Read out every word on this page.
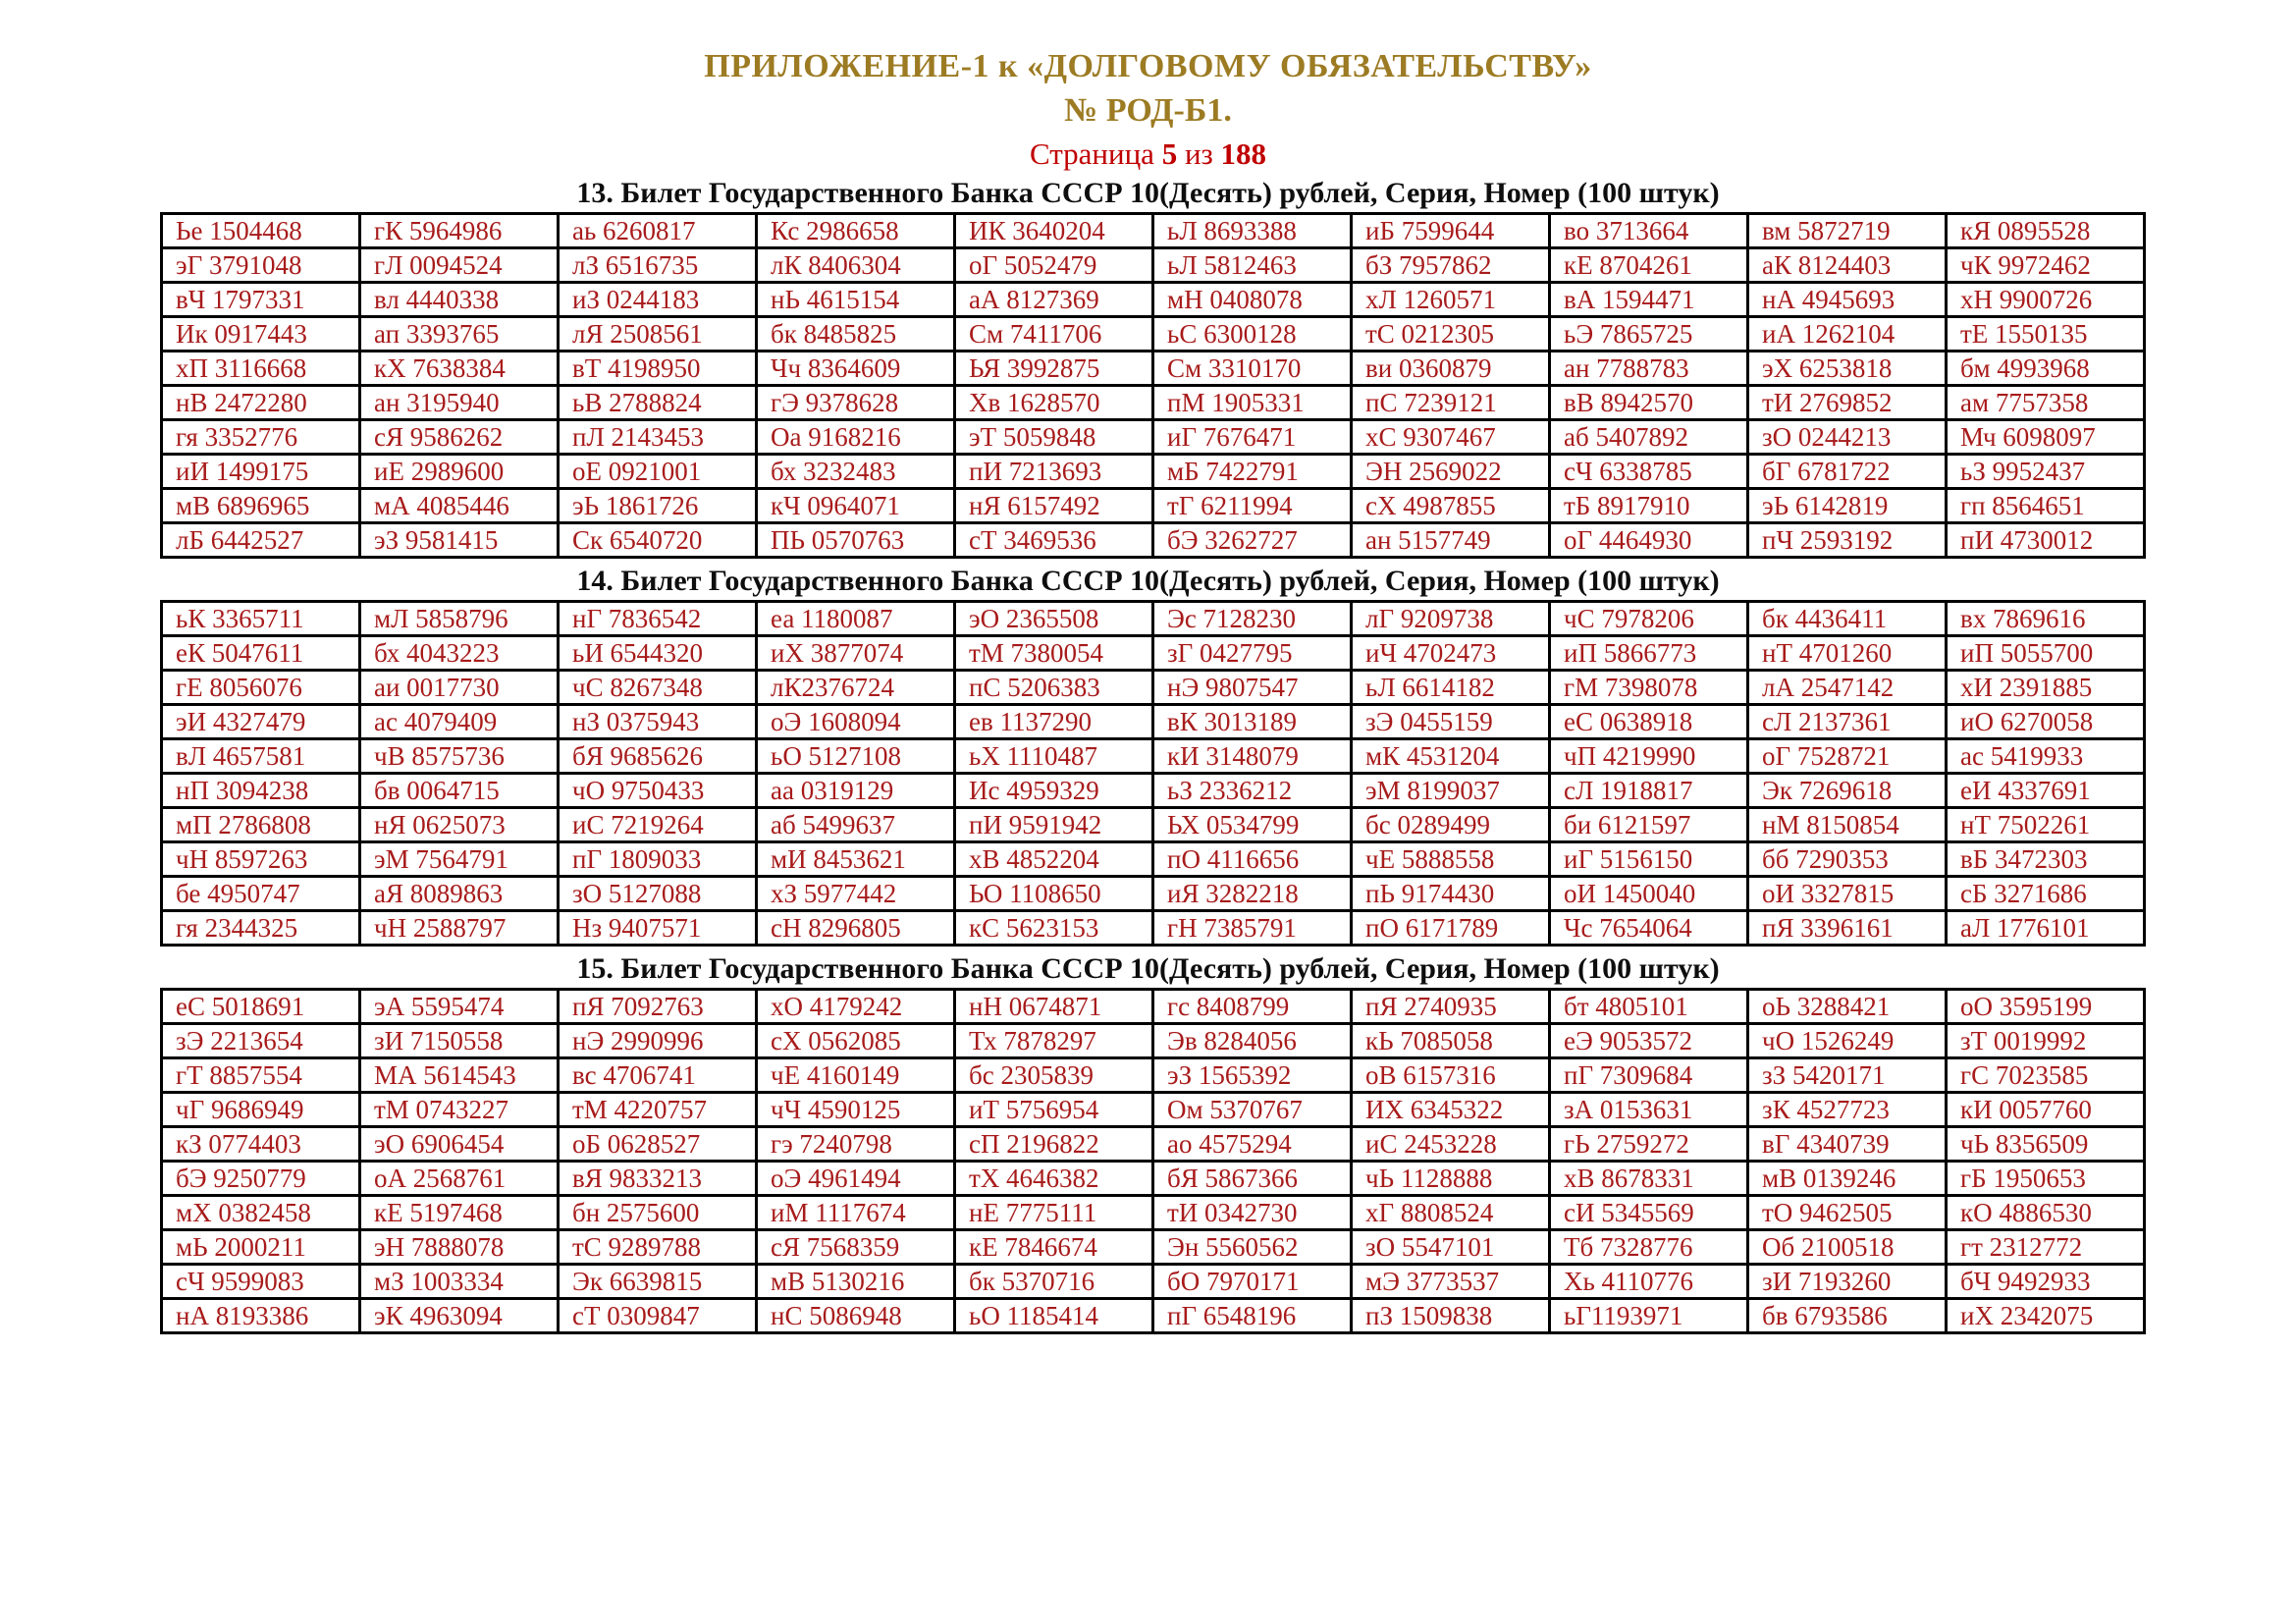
ПРИЛОЖЕНИЕ-1 к «ДОЛГОВОМУ ОБЯЗАТЕЛЬСТВУ»
№ РОД-Б1.
Страница 5 из 188
13. Билет Государственного Банка СССР 10(Десять) рублей, Серия, Номер (100 штук)
Ье 1504468	гК 5964986	аь 6260817	Кс 2986658	ИК 3640204	ьЛ 8693388	иБ 7599644	во 3713664	вм 5872719	кЯ 0895528
эГ 3791048	гЛ 0094524	лЗ 6516735	лК 8406304	оГ 5052479	ьЛ 5812463	бЗ 7957862	кЕ 8704261	аК 8124403	чК 9972462
вЧ 1797331	вл 4440338	иЗ 0244183	нЬ 4615154	аА 8127369	мН 0408078	хЛ 1260571	вА 1594471	нА 4945693	хН 9900726
Ик 0917443	ап 3393765	лЯ 2508561	бк 8485825	См 7411706	ьС 6300128	тС 0212305	ьЭ 7865725	иА 1262104	тЕ 1550135
хП 3116668	кХ 7638384	вТ 4198950	Чч 8364609	ЬЯ 3992875	См 3310170	ви 0360879	ан 7788783	эХ 6253818	бм 4993968
нВ 2472280	ан 3195940	ьВ 2788824	гЭ 9378628	Хв 1628570	пМ 1905331	пС 7239121	вВ 8942570	тИ 2769852	ам 7757358
гя 3352776	сЯ 9586262	пЛ 2143453	Оа 9168216	эТ 5059848	иГ 7676471	хС 9307467	аб 5407892	зО 0244213	Мч 6098097
иИ 1499175	иЕ 2989600	оЕ 0921001	бх 3232483	пИ 7213693	мБ 7422791	ЭН 2569022	сЧ 6338785	бГ 6781722	ьЗ 9952437
мВ 6896965	мА 4085446	эЬ 1861726	кЧ 0964071	нЯ 6157492	тГ 6211994	сХ 4987855	тБ 8917910	эЬ 6142819	гп 8564651
лБ 6442527	эЗ 9581415	Ск 6540720	ПЬ 0570763	сТ 3469536	бЭ 3262727	ан 5157749	оГ 4464930	пЧ 2593192	пИ 4730012
14. Билет Государственного Банка СССР 10(Десять) рублей, Серия, Номер (100 штук)
ьК 3365711	мЛ 5858796	нГ 7836542	еа 1180087	эО 2365508	Эс 7128230	лГ 9209738	чС 7978206	бк 4436411	вх 7869616
еК 5047611	бх 4043223	ьИ 6544320	иХ 3877074	тМ 7380054	зГ 0427795	иЧ 4702473	иП 5866773	нТ 4701260	иП 5055700
гЕ 8056076	аи 0017730	чС 8267348	лК2376724	пС 5206383	нЭ 9807547	ьЛ 6614182	гМ 7398078	лА 2547142	хИ 2391885
эИ 4327479	ас 4079409	нЗ 0375943	оЭ 1608094	ев 1137290	вК 3013189	зЭ 0455159	еС 0638918	сЛ 2137361	иО 6270058
вЛ 4657581	чВ 8575736	бЯ 9685626	ьО 5127108	ьХ 1110487	кИ 3148079	мК 4531204	чП 4219990	оГ 7528721	ас 5419933
нП 3094238	бв 0064715	чО 9750433	аа 0319129	Ис 4959329	ьЗ 2336212	эМ 8199037	сЛ 1918817	Эк 7269618	еИ 4337691
мП 2786808	нЯ 0625073	иС 7219264	аб 5499637	пИ 9591942	ЬХ 0534799	бс 0289499	би 6121597	нМ 8150854	нТ 7502261
чН 8597263	эМ 7564791	пГ 1809033	мИ 8453621	хВ 4852204	пО 4116656	чЕ 5888558	иГ 5156150	бб 7290353	вБ 3472303
бе 4950747	аЯ 8089863	зО 5127088	хЗ 5977442	ЬО 1108650	иЯ 3282218	пЬ 9174430	оИ 1450040	оИ 3327815	сБ 3271686
гя 2344325	чН 2588797	Нз 9407571	сН 8296805	кС 5623153	гН 7385791	пО 6171789	Чс 7654064	пЯ 3396161	аЛ 1776101
15. Билет Государственного Банка СССР 10(Десять) рублей, Серия, Номер (100 штук)
еС 5018691	эА 5595474	пЯ 7092763	хО 4179242	нН 0674871	гс 8408799	пЯ 2740935	бт 4805101	оЬ 3288421	оО 3595199
зЭ 2213654	зИ 7150558	нЭ 2990996	сХ 0562085	Тх 7878297	Эв 8284056	кЬ 7085058	еЭ 9053572	чО 1526249	зТ 0019992
гТ 8857554	МА 5614543	вс 4706741	чЕ 4160149	бс 2305839	эЗ 1565392	оВ 6157316	пГ 7309684	зЗ 5420171	гС 7023585
чГ 9686949	тМ 0743227	тМ 4220757	чЧ 4590125	иТ 5756954	Ом 5370767	ИХ 6345322	зА 0153631	зК 4527723	кИ 0057760
кЗ 0774403	эО 6906454	оБ 0628527	гэ 7240798	сП 2196822	ао 4575294	иС 2453228	гЬ 2759272	вГ 4340739	чЬ 8356509
бЭ 9250779	оА 2568761	вЯ 9833213	оЭ 4961494	тХ 4646382	бЯ 5867366	чЬ 1128888	хВ 8678331	мВ 0139246	гБ 1950653
мХ 0382458	кЕ 5197468	бн 2575600	иМ 1117674	нЕ 7775111	тИ 0342730	хГ 8808524	сИ 5345569	тО 9462505	кО 4886530
мЬ 2000211	эН 7888078	тС 9289788	сЯ 7568359	кЕ 7846674	Эн 5560562	зО 5547101	Тб 7328776	Об 2100518	гт 2312772
сЧ 9599083	мЗ 1003334	Эк 6639815	мВ 5130216	бк 5370716	бО 7970171	мЭ 3773537	Хь 4110776	зИ 7193260	бЧ 9492933
нА 8193386	эК 4963094	сТ 0309847	нС 5086948	ьО 1185414	пГ 6548196	пЗ 1509838	ьГ1193971	бв 6793586	иХ 2342075
